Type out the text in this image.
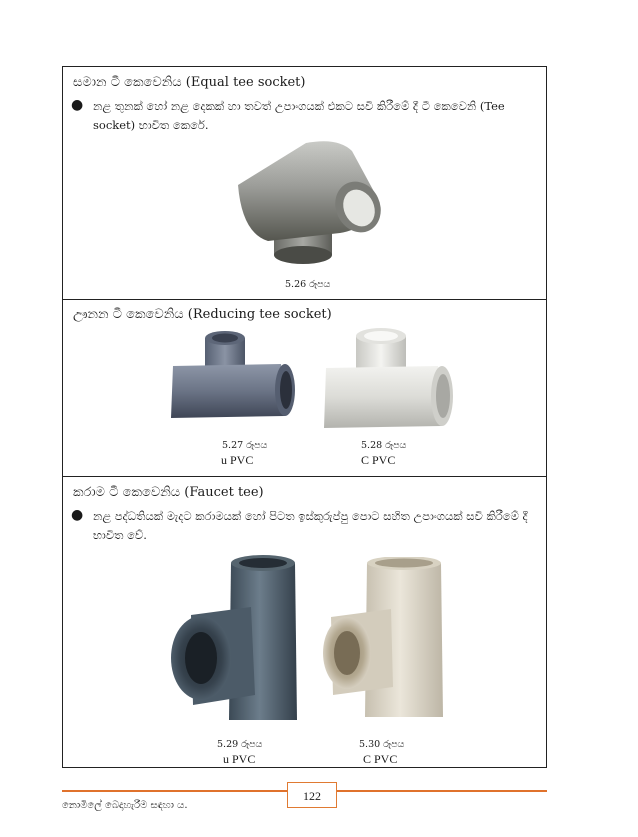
සමාන ටී කෙවෙනිය (Equal tee socket)
● නළ තුනක් හෝ නළ දෙකක් හා තවත් උපාංගයක් එකට සවි කිරීමේ දී ටී කෙවෙනි (Tee socket) භාවිත කෙරේ.
5.26 රූපය
ඌනන ටී කෙවෙනිය (Reducing tee socket)
5.27 රූපය
u PVC
5.28 රූපය
C PVC
කරාම ටී කෙවෙනිය (Faucet tee)
● නළ පද්ධතියක් මැදට කරාමයක් හෝ පිටත ඉස්කුරුප්පු පොට සහිත උපාංගයක් සවි කිරීමේ දී භාවිත වේ.
5.29 රූපය
u PVC
5.30 රූපය
C PVC
122
නොමිලේ බෙදාහැරීම සඳහා ය.
